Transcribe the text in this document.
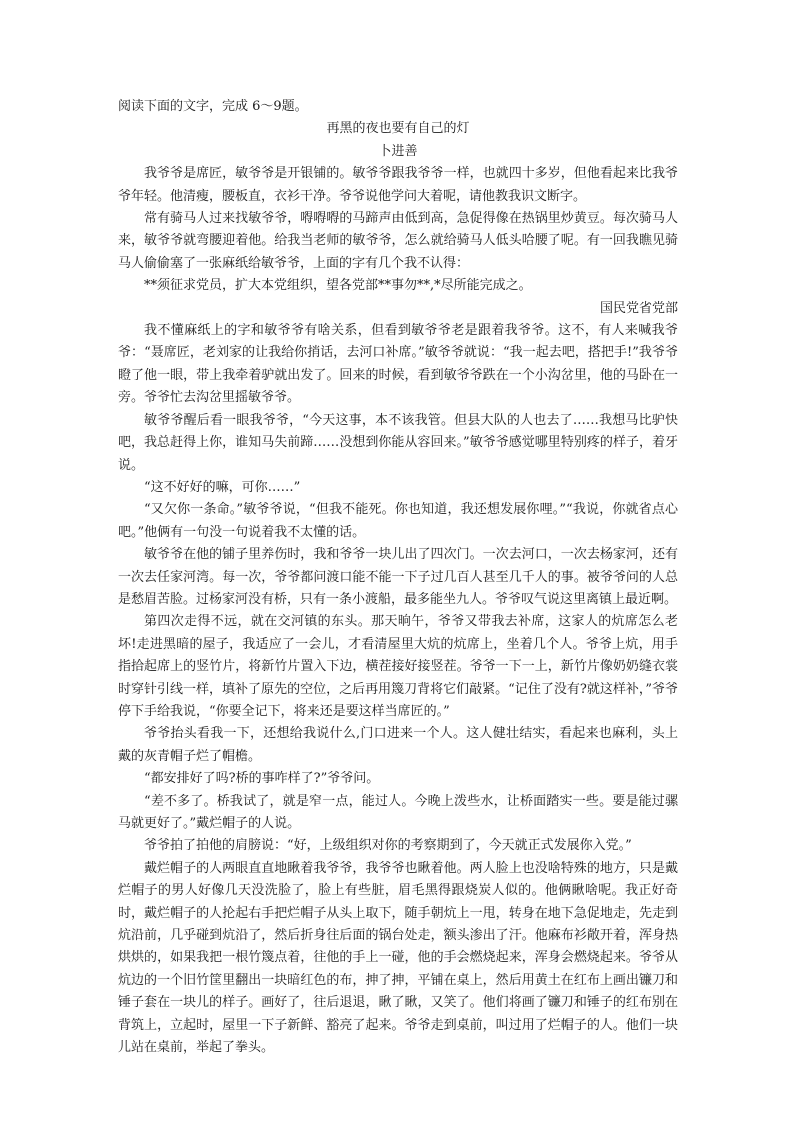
阅读下面的文字，完成 6～9题。

再黑的夜也要有自己的灯

卜进善

我爷爷是席匠，敏爷爷是开银铺的。敏爷爷跟我爷爷一样，也就四十多岁，但他看起来比我爷爷年轻。他清瘦，腰板直，衣衫干净。爷爷说他学问大着呢，请他教我识文断字。

常有骑马人过来找敏爷爷，嘚嘚嘚的马蹄声由低到高，急促得像在热锅里炒黄豆。每次骑马人来，敏爷爷就弯腰迎着他。给我当老师的敏爷爷，怎么就给骑马人低头哈腰了呢。有一回我瞧见骑马人偷偷塞了一张麻纸给敏爷爷，上面的字有几个我不认得：

**须征求党员，扩大本党组织，望各党部**事勿**,*尽所能完成之。

国民党省党部

我不懂麻纸上的字和敏爷爷有啥关系，但看到敏爷爷老是跟着我爷爷。这不，有人来喊我爷爷：“聂席匠，老刘家的让我给你捎话，去河口补席。”敏爷爷就说：“我一起去吧，搭把手!”我爷爷瞪了他一眼，带上我牵着驴就出发了。回来的时候，看到敏爷爷跌在一个小沟岔里，他的马卧在一旁。爷爷忙去沟岔里摇敏爷爷。

敏爷爷醒后看一眼我爷爷，“今天这事，本不该我管。但县大队的人也去了……我想马比驴快吧，我总赶得上你，谁知马失前蹄……没想到你能从容回来。”敏爷爷感觉哪里特别疼的样子，着牙说。

“这不好好的嘛，可你……”

“又欠你一条命。”敏爷爷说，“但我不能死。你也知道，我还想发展你哩。”“我说，你就省点心吧。”他俩有一句没一句说着我不太懂的话。

敏爷爷在他的铺子里养伤时，我和爷爷一块儿出了四次门。一次去河口，一次去杨家河，还有一次去任家河湾。每一次，爷爷都问渡口能不能一下子过几百人甚至几千人的事。被爷爷问的人总是愁眉苦脸。过杨家河没有桥，只有一条小渡船，最多能坐九人。爷爷叹气说这里离镇上最近啊。

第四次走得不远，就在交河镇的东头。那天晌午，爷爷又带我去补席，这家人的炕席怎么老坏!走进黑暗的屋子，我适应了一会儿，才看清屋里大炕的炕席上，坐着几个人。爷爷上炕，用手指拾起席上的竖竹片，将新竹片置入下边，横茬接好接竖茬。爷爷一下一上，新竹片像奶奶缝衣裳时穿针引线一样，填补了原先的空位，之后再用篾刀背将它们敲紧。“记住了没有?就这样补，”爷爷停下手给我说，“你要全记下，将来还是要这样当席匠的。”

爷爷抬头看我一下，还想给我说什么,门口进来一个人。这人健壮结实，看起来也麻利，头上戴的灰青帽子烂了帽檐。

“都安排好了吗?桥的事咋样了?”爷爷问。

“差不多了。桥我试了，就是窄一点，能过人。今晚上泼些水，让桥面踏实一些。要是能过骡马就更好了。”戴烂帽子的人说。

爷爷拍了拍他的肩膀说：“好，上级组织对你的考察期到了，今天就正式发展你入党。”

戴烂帽子的人两眼直直地瞅着我爷爷，我爷爷也瞅着他。两人脸上也没啥特殊的地方，只是戴烂帽子的男人好像几天没洗脸了，脸上有些脏，眉毛黑得跟烧炭人似的。他俩瞅啥呢。我正好奇时，戴烂帽子的人抡起右手把烂帽子从头上取下，随手朝炕上一甩，转身在地下急促地走，先走到炕沿前，几乎碰到炕沿了，然后折身往后面的锅台处走，额头渗出了汗。他麻布衫敞开着，浑身热烘烘的，如果我把一根竹篾点着，往他的手上一碰，他的手会燃烧起来，浑身会燃烧起来。爷爷从炕边的一个旧竹筐里翻出一块暗红色的布，抻了抻，平铺在桌上，然后用黄土在红布上画出镰刀和锤子套在一块儿的样子。画好了，往后退退，瞅了瞅，又笑了。他们将画了镰刀和锤子的红布别在背筑上，立起时，屋里一下子新鲜、豁亮了起来。爷爷走到桌前，叫过用了烂帽子的人。他们一块儿站在桌前，举起了拳头。
